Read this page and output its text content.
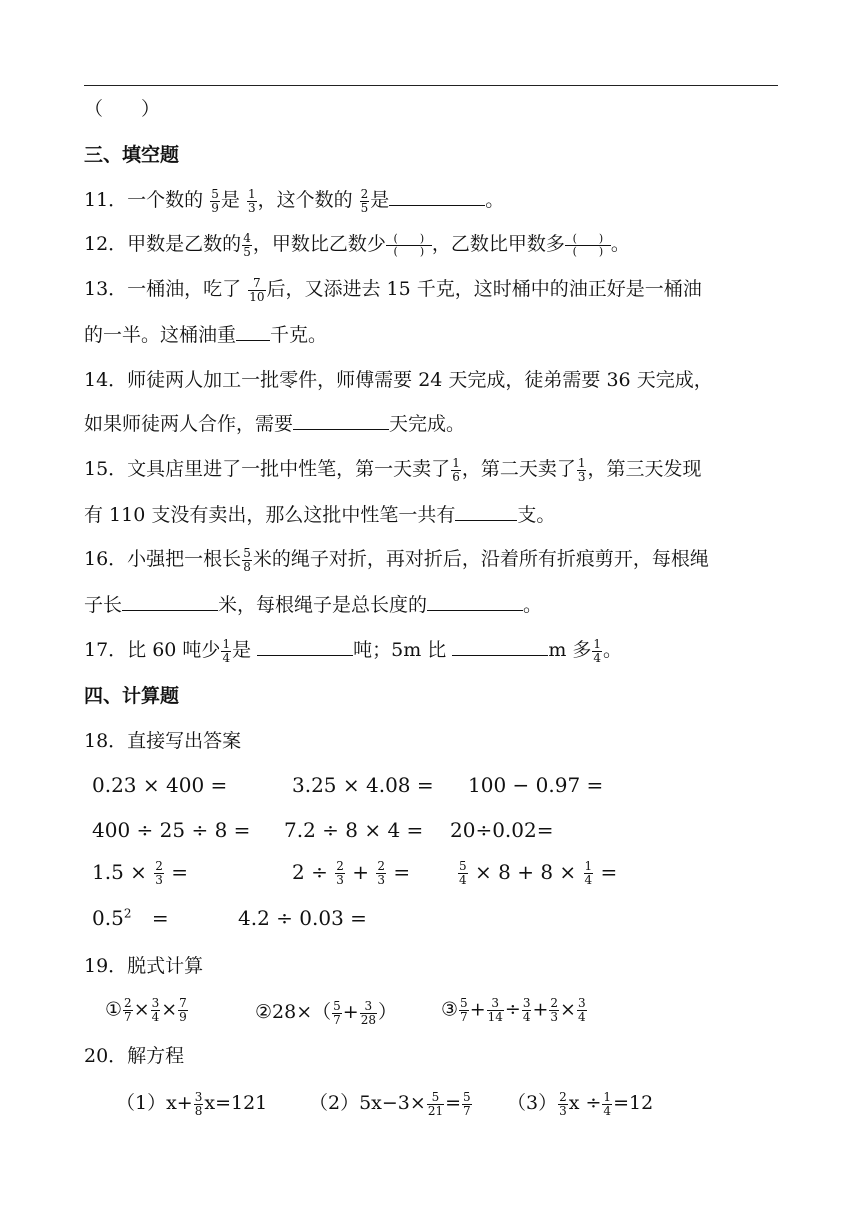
（　　）
三、填空题
11．一个数的 $\frac{5}{9}$ 是 $\frac{1}{3}$ ，这个数的 $\frac{2}{5}$ 是	。
12．甲数是乙数的 $\frac{4}{5}$ ，甲数比乙数少 $\frac{( )}{( )}$ ，乙数比甲数多 $\frac{( )}{( )}$ 。
13．一桶油，吃了 $\frac{7}{10}$ 后，又添进去 15 千克，这时桶中的油正好是一桶油
的一半。这桶油重 千克。
14．师徒两人加工一批零件，师傅需要 24 天完成，徒弟需要 36 天完成，
如果师徒两人合作，需要	天完成。
15．文具店里进了一批中性笔，第一天卖了 $\frac{1}{6}$ ，第二天卖了 $\frac{1}{3}$ ，第三天发现
有 110 支没有卖出，那么这批中性笔一共有	支。
16．小强把一根长 $\frac{5}{8}$ 米的绳子对折，再对折后，沿着所有折痕剪开，每根绳
子长	米，每根绳子是总长度的	。
17．比 60 吨少 $\frac{1}{4}$ 是	吨；5m 比	m 多 $\frac{1}{4}$ 。
四、计算题
18．直接写出答案
0.23 × 400 =	3.25 × 4.08 = 100 − 0.97 =
400 ÷ 25 ÷ 8 = 7.2 ÷ 8 × 4 = 20÷0.02=
$1.5 \times \frac{2}{3}$ =	$2 \div \frac{2}{3} + \frac{2}{3}$ =	$\frac{5}{4} \times 8 + 8 \times \frac{1}{4}$ =
$0.5^2$ =	4.2 ÷ 0.03 =
19．脱式计算
① $\frac{2}{7} \times \frac{3}{4} \times \frac{7}{9}$	②28×（ $\frac{5}{7} + \frac{3}{28}$ ） ③ $\frac{5}{7} + \frac{3}{14} \div \frac{3}{4} + \frac{2}{3} \times \frac{3}{4}$
20．解方程
$(1)x+ \frac{3}{8} x=121$ $(2)5x-3\times \frac{5}{21} = \frac{5}{7} (3) \frac{2}{3}$ $x \div \frac{1}{4} =12$
